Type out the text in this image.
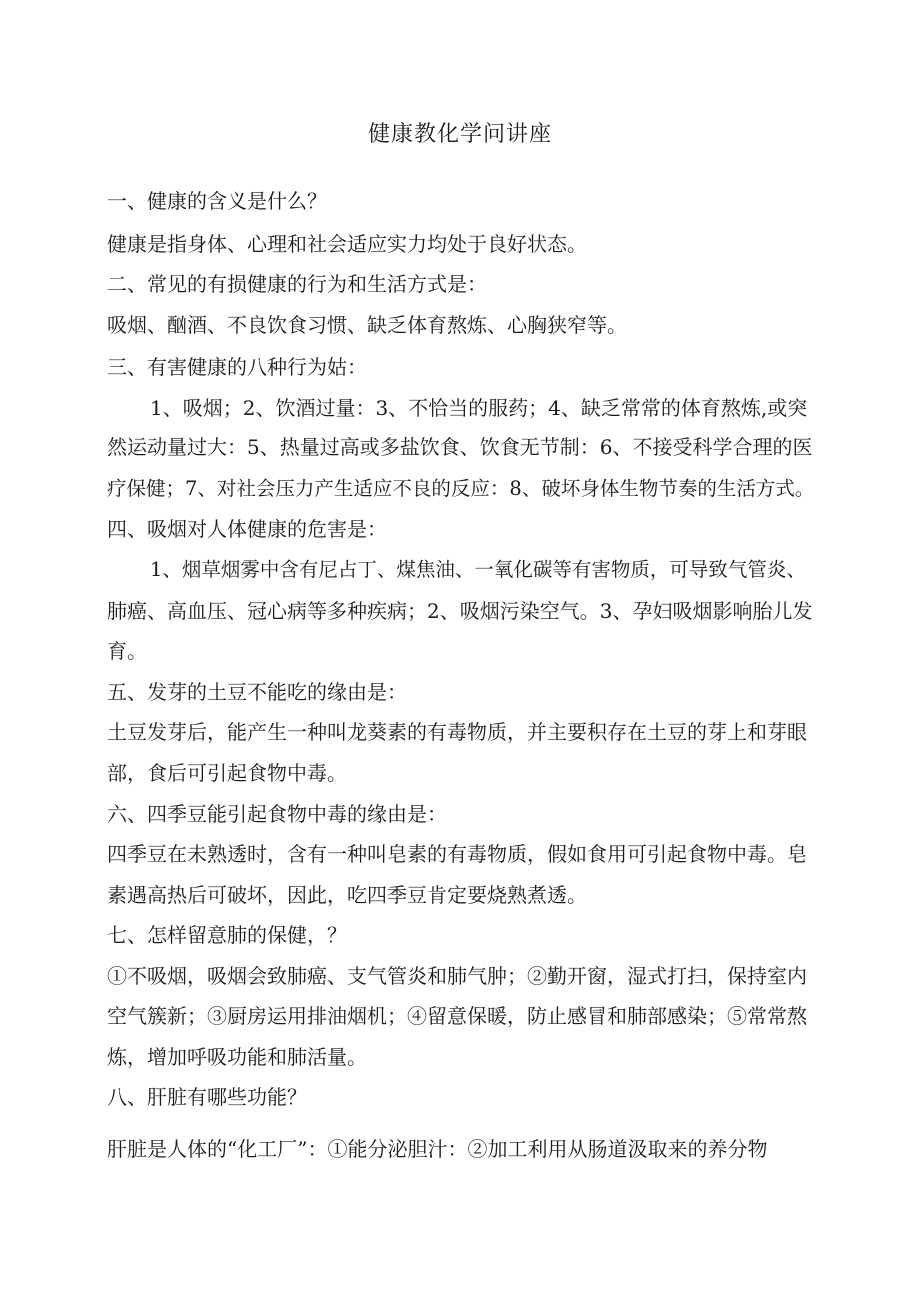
健康教化学问讲座
一、健康的含义是什么？
健康是指身体、心理和社会适应实力均处于良好状态。
二、常见的有损健康的行为和生活方式是：
吸烟、酗酒、不良饮食习惯、缺乏体育熬炼、心胸狭窄等。
三、有害健康的八种行为姑：
1、吸烟；2、饮酒过量：3、不恰当的服药；4、缺乏常常的体育熬炼,或突
然运动量过大：5、热量过高或多盐饮食、饮食无节制：6、不接受科学合理的医
疗保健；7、对社会压力产生适应不良的反应：8、破坏身体生物节奏的生活方式。
四、吸烟对人体健康的危害是：
1、烟草烟雾中含有尼占丁、煤焦油、一氧化碳等有害物质，可导致气管炎、
肺癌、高血压、冠心病等多种疾病；2、吸烟污染空气。3、孕妇吸烟影响胎儿发
育。
五、发芽的土豆不能吃的缘由是：
土豆发芽后，能产生一种叫龙葵素的有毒物质，并主要积存在土豆的芽上和芽眼
部，食后可引起食物中毒。
六、四季豆能引起食物中毒的缘由是：
四季豆在未熟透时，含有一种叫皂素的有毒物质，假如食用可引起食物中毒。皂
素遇高热后可破坏，因此，吃四季豆肯定要烧熟煮透。
七、怎样留意肺的保健，？
①不吸烟，吸烟会致肺癌、支气管炎和肺气肿；②勤开窗，湿式打扫，保持室内
空气簇新；③厨房运用排油烟机；④留意保暖，防止感冒和肺部感染；⑤常常熬
炼，增加呼吸功能和肺活量。
八、肝脏有哪些功能？
肝脏是人体的“化工厂”：①能分泌胆汁：②加工利用从肠道汲取来的养分物
